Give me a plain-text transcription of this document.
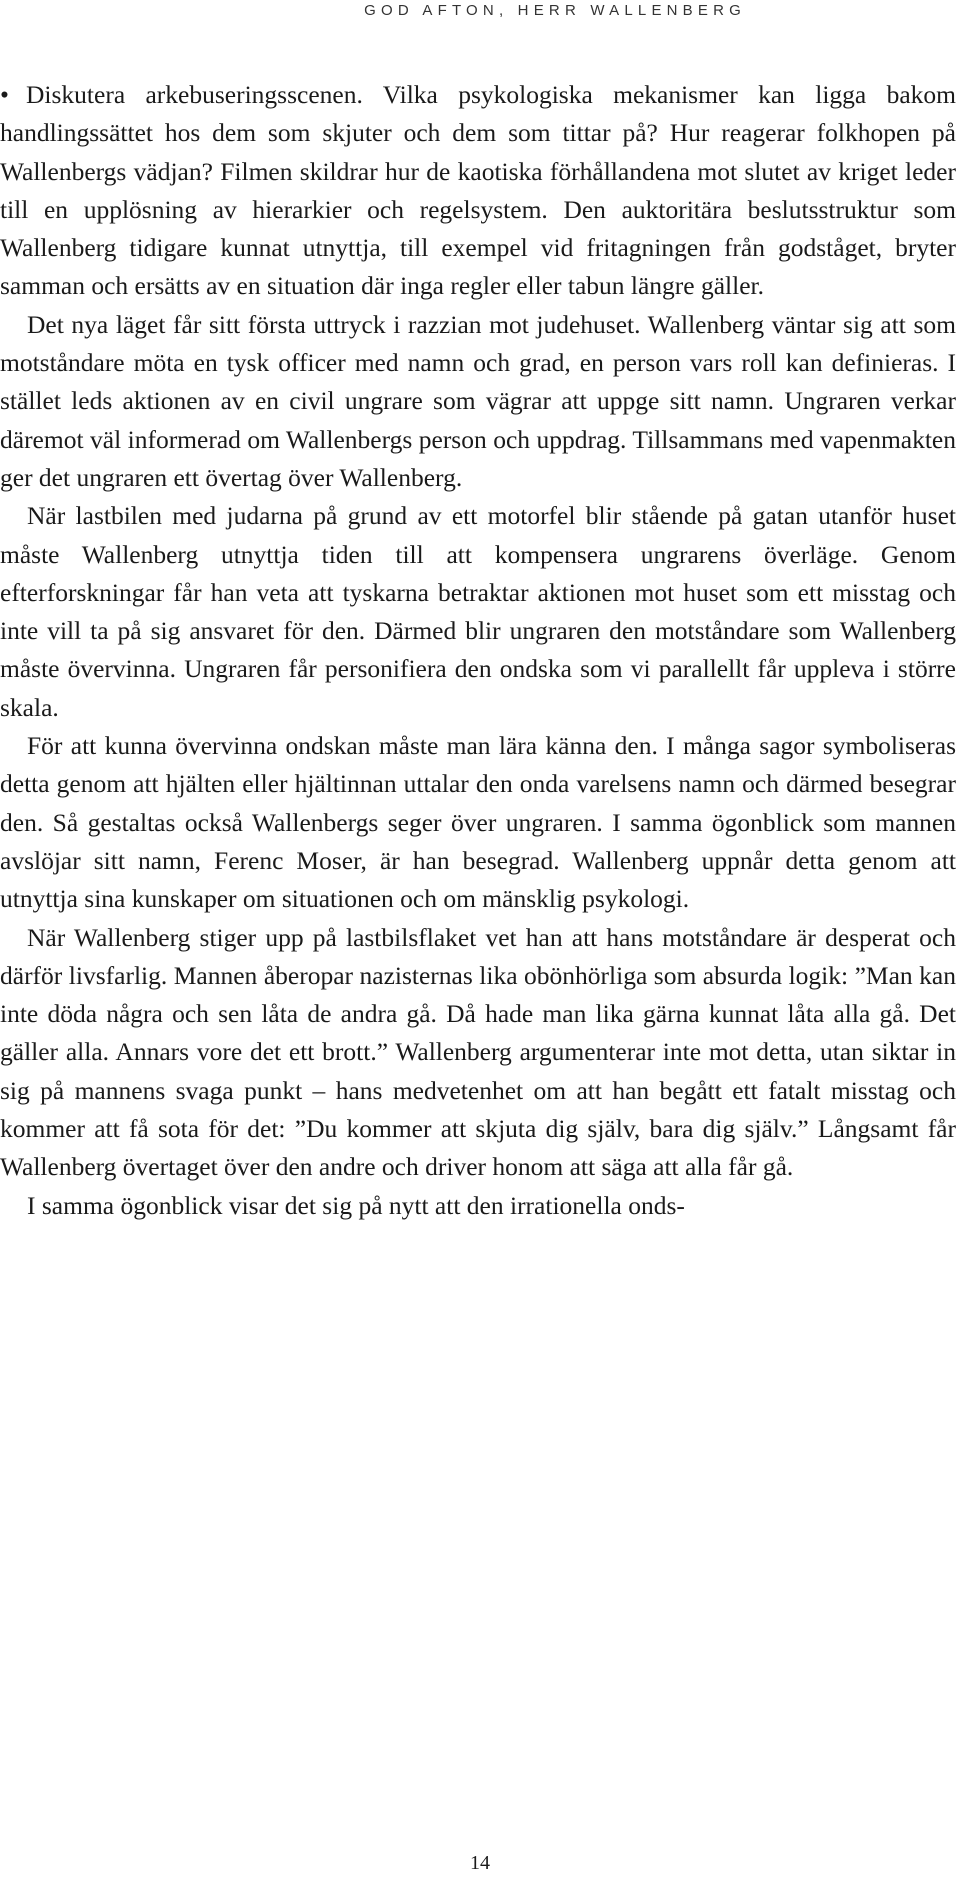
GOD AFTON, HERR WALLENBERG

• Diskutera arkebuseringsscenen. Vilka psykologiska mekanismer kan ligga bakom handlingssättet hos dem som skjuter och dem som tittar på? Hur reagerar folkhopen på Wallenbergs vädjan? Filmen skildrar hur de kaotiska förhållandena mot slutet av kriget leder till en upplösning av hierarkier och regelsystem. Den auktoritära beslutsstruktur som Wallenberg tidigare kunnat utnyttja, till exempel vid fritagningen från godståget, bryter samman och ersätts av en situation där inga regler eller tabun längre gäller.

Det nya läget får sitt första uttryck i razzian mot judehuset. Wallenberg väntar sig att som motståndare möta en tysk officer med namn och grad, en person vars roll kan definieras. I stället leds aktionen av en civil ungrare som vägrar att uppge sitt namn. Ungraren verkar däremot väl informerad om Wallenbergs person och uppdrag. Tillsammans med vapenmakten ger det ungraren ett övertag över Wallenberg.

När lastbilen med judarna på grund av ett motorfel blir stående på gatan utanför huset måste Wallenberg utnyttja tiden till att kompensera ungrarens överläge. Genom efterforskningar får han veta att tyskarna betraktar aktionen mot huset som ett misstag och inte vill ta på sig ansvaret för den. Därmed blir ungraren den motståndare som Wallenberg måste övervinna. Ungraren får personifiera den ondska som vi parallellt får uppleva i större skala.

För att kunna övervinna ondskan måste man lära känna den. I många sagor symboliseras detta genom att hjälten eller hjältinnan uttalar den onda varelsens namn och därmed besegrar den. Så gestaltas också Wallenbergs seger över ungraren. I samma ögonblick som mannen avslöjar sitt namn, Ferenc Moser, är han besegrad. Wallenberg uppnår detta genom att utnyttja sina kunskaper om situationen och om mänsklig psykologi.

När Wallenberg stiger upp på lastbilsflaket vet han att hans motståndare är desperat och därför livsfarlig. Mannen åberopar nazisternas lika obönhörliga som absurda logik: ”Man kan inte döda några och sen låta de andra gå. Då hade man lika gärna kunnat låta alla gå. Det gäller alla. Annars vore det ett brott.” Wallenberg argumenterar inte mot detta, utan siktar in sig på mannens svaga punkt – hans medvetenhet om att han begått ett fatalt misstag och kommer att få sota för det: ”Du kommer att skjuta dig själv, bara dig själv.” Långsamt får Wallenberg övertaget över den andre och driver honom att säga att alla får gå.

I samma ögonblick visar det sig på nytt att den irrationella onds-

14
